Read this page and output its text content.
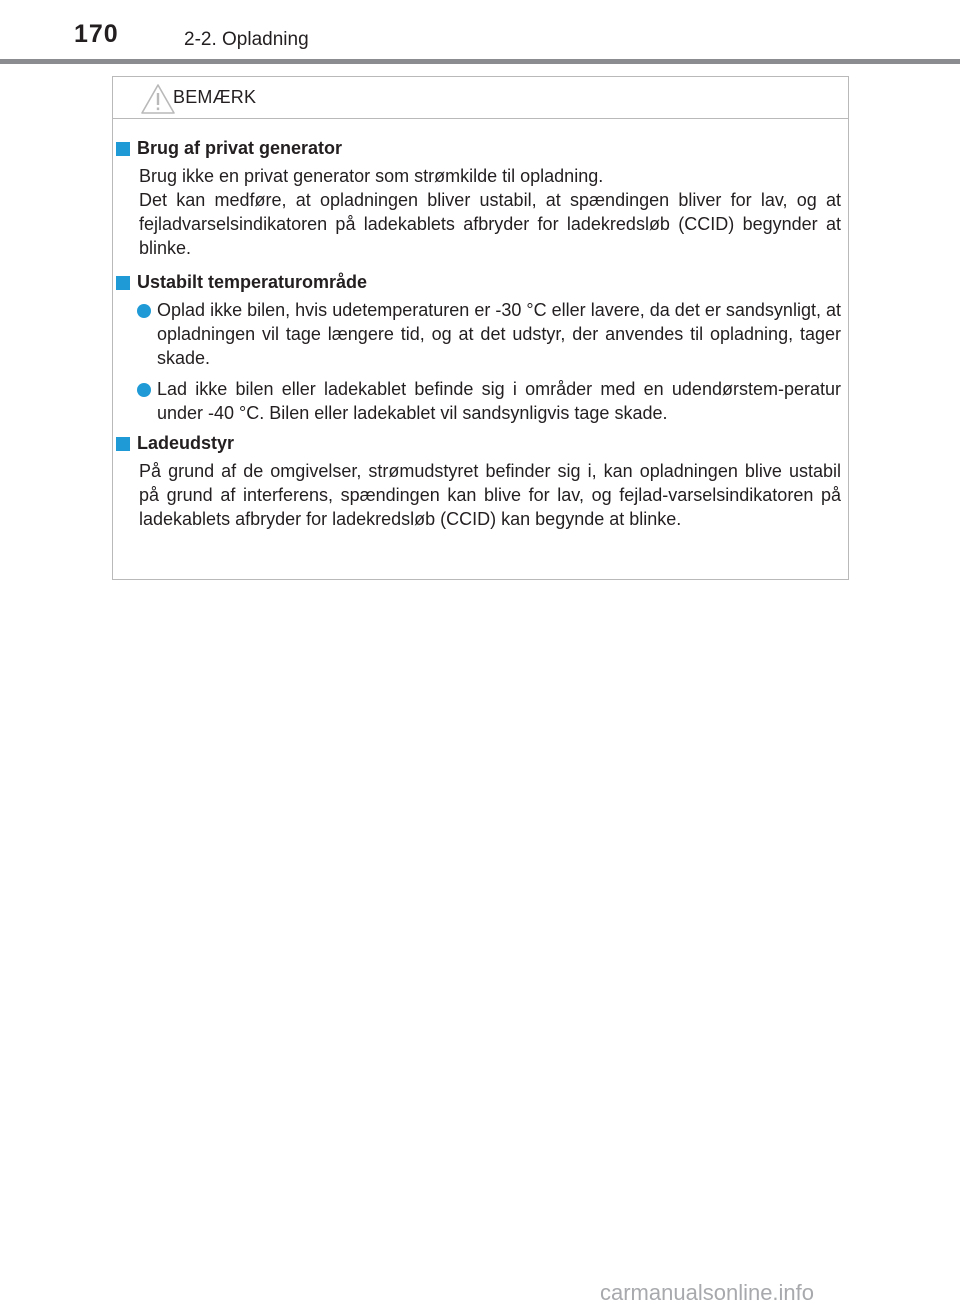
170	2-2. Opladning
BEMÆRK
Brug af privat generator
Brug ikke en privat generator som strømkilde til opladning.
Det kan medføre, at opladningen bliver ustabil, at spændingen bliver for lav, og at fejladvarselsindikatoren på ladekablets afbryder for ladekredsløb (CCID) begynder at blinke.
Ustabilt temperaturområde
Oplad ikke bilen, hvis udetemperaturen er -30 °C eller lavere, da det er sandsynligt, at opladningen vil tage længere tid, og at det udstyr, der anvendes til opladning, tager skade.
Lad ikke bilen eller ladekablet befinde sig i områder med en udendørstem-peratur under -40 °C. Bilen eller ladekablet vil sandsynligvis tage skade.
Ladeudstyr
På grund af de omgivelser, strømudstyret befinder sig i, kan opladningen blive ustabil på grund af interferens, spændingen kan blive for lav, og fejlad-varselsindikatoren på ladekablets afbryder for ladekredsløb (CCID) kan begynde at blinke.
carmanualsonline.info
